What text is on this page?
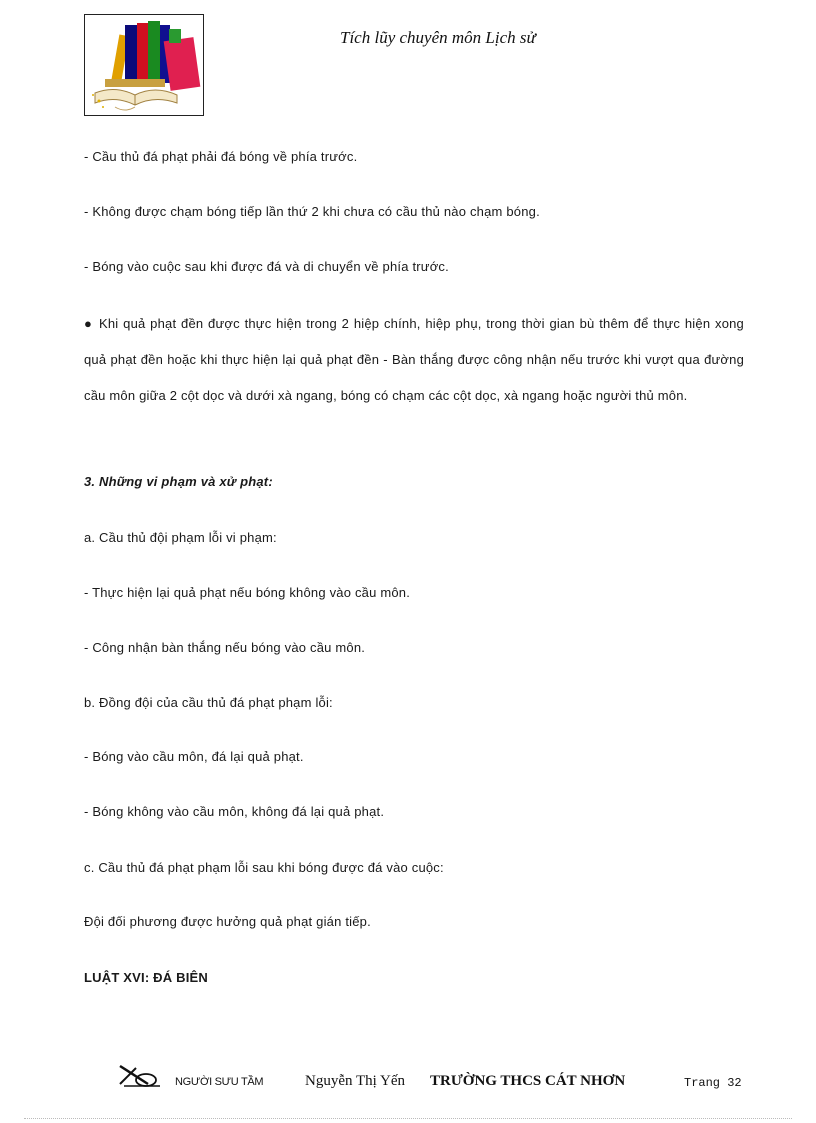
Tích lũy chuyên môn Lịch sử
- Cầu thủ đá phạt phải đá bóng về phía trước.
- Không được chạm bóng tiếp lần thứ 2 khi chưa có cầu thủ nào chạm bóng.
- Bóng vào cuộc sau khi được đá và di chuyển về phía trước.
● Khi quả phạt đền được thực hiện trong 2 hiệp chính, hiệp phụ, trong thời gian bù thêm để thực hiện xong quả phạt đền hoặc khi thực hiện lại quả phạt đền - Bàn thắng được công nhận nếu trước khi vượt qua đường cầu môn giữa 2 cột dọc và dưới xà ngang, bóng có chạm các cột dọc, xà ngang hoặc người thủ môn.
3. Những vi phạm và xử phạt:
a. Cầu thủ đội phạm lỗi vi phạm:
- Thực hiện lại quả phạt nếu bóng không vào cầu môn.
- Công nhận bàn thắng nếu bóng vào cầu môn.
b. Đồng đội của cầu thủ đá phạt phạm lỗi:
- Bóng vào cầu môn, đá lại quả phạt.
- Bóng không vào cầu môn, không đá lại quả phạt.
c. Cầu thủ đá phạt phạm lỗi sau khi bóng được đá vào cuộc:
Đội đối phương được hưởng quả phạt gián tiếp.
LUẬT XVI: ĐÁ BIÊN
NGƯỜI SƯU TẦM	Nguyễn Thị Yến TRƯỜNG THCS CÁT NHƠN	Trang 32
